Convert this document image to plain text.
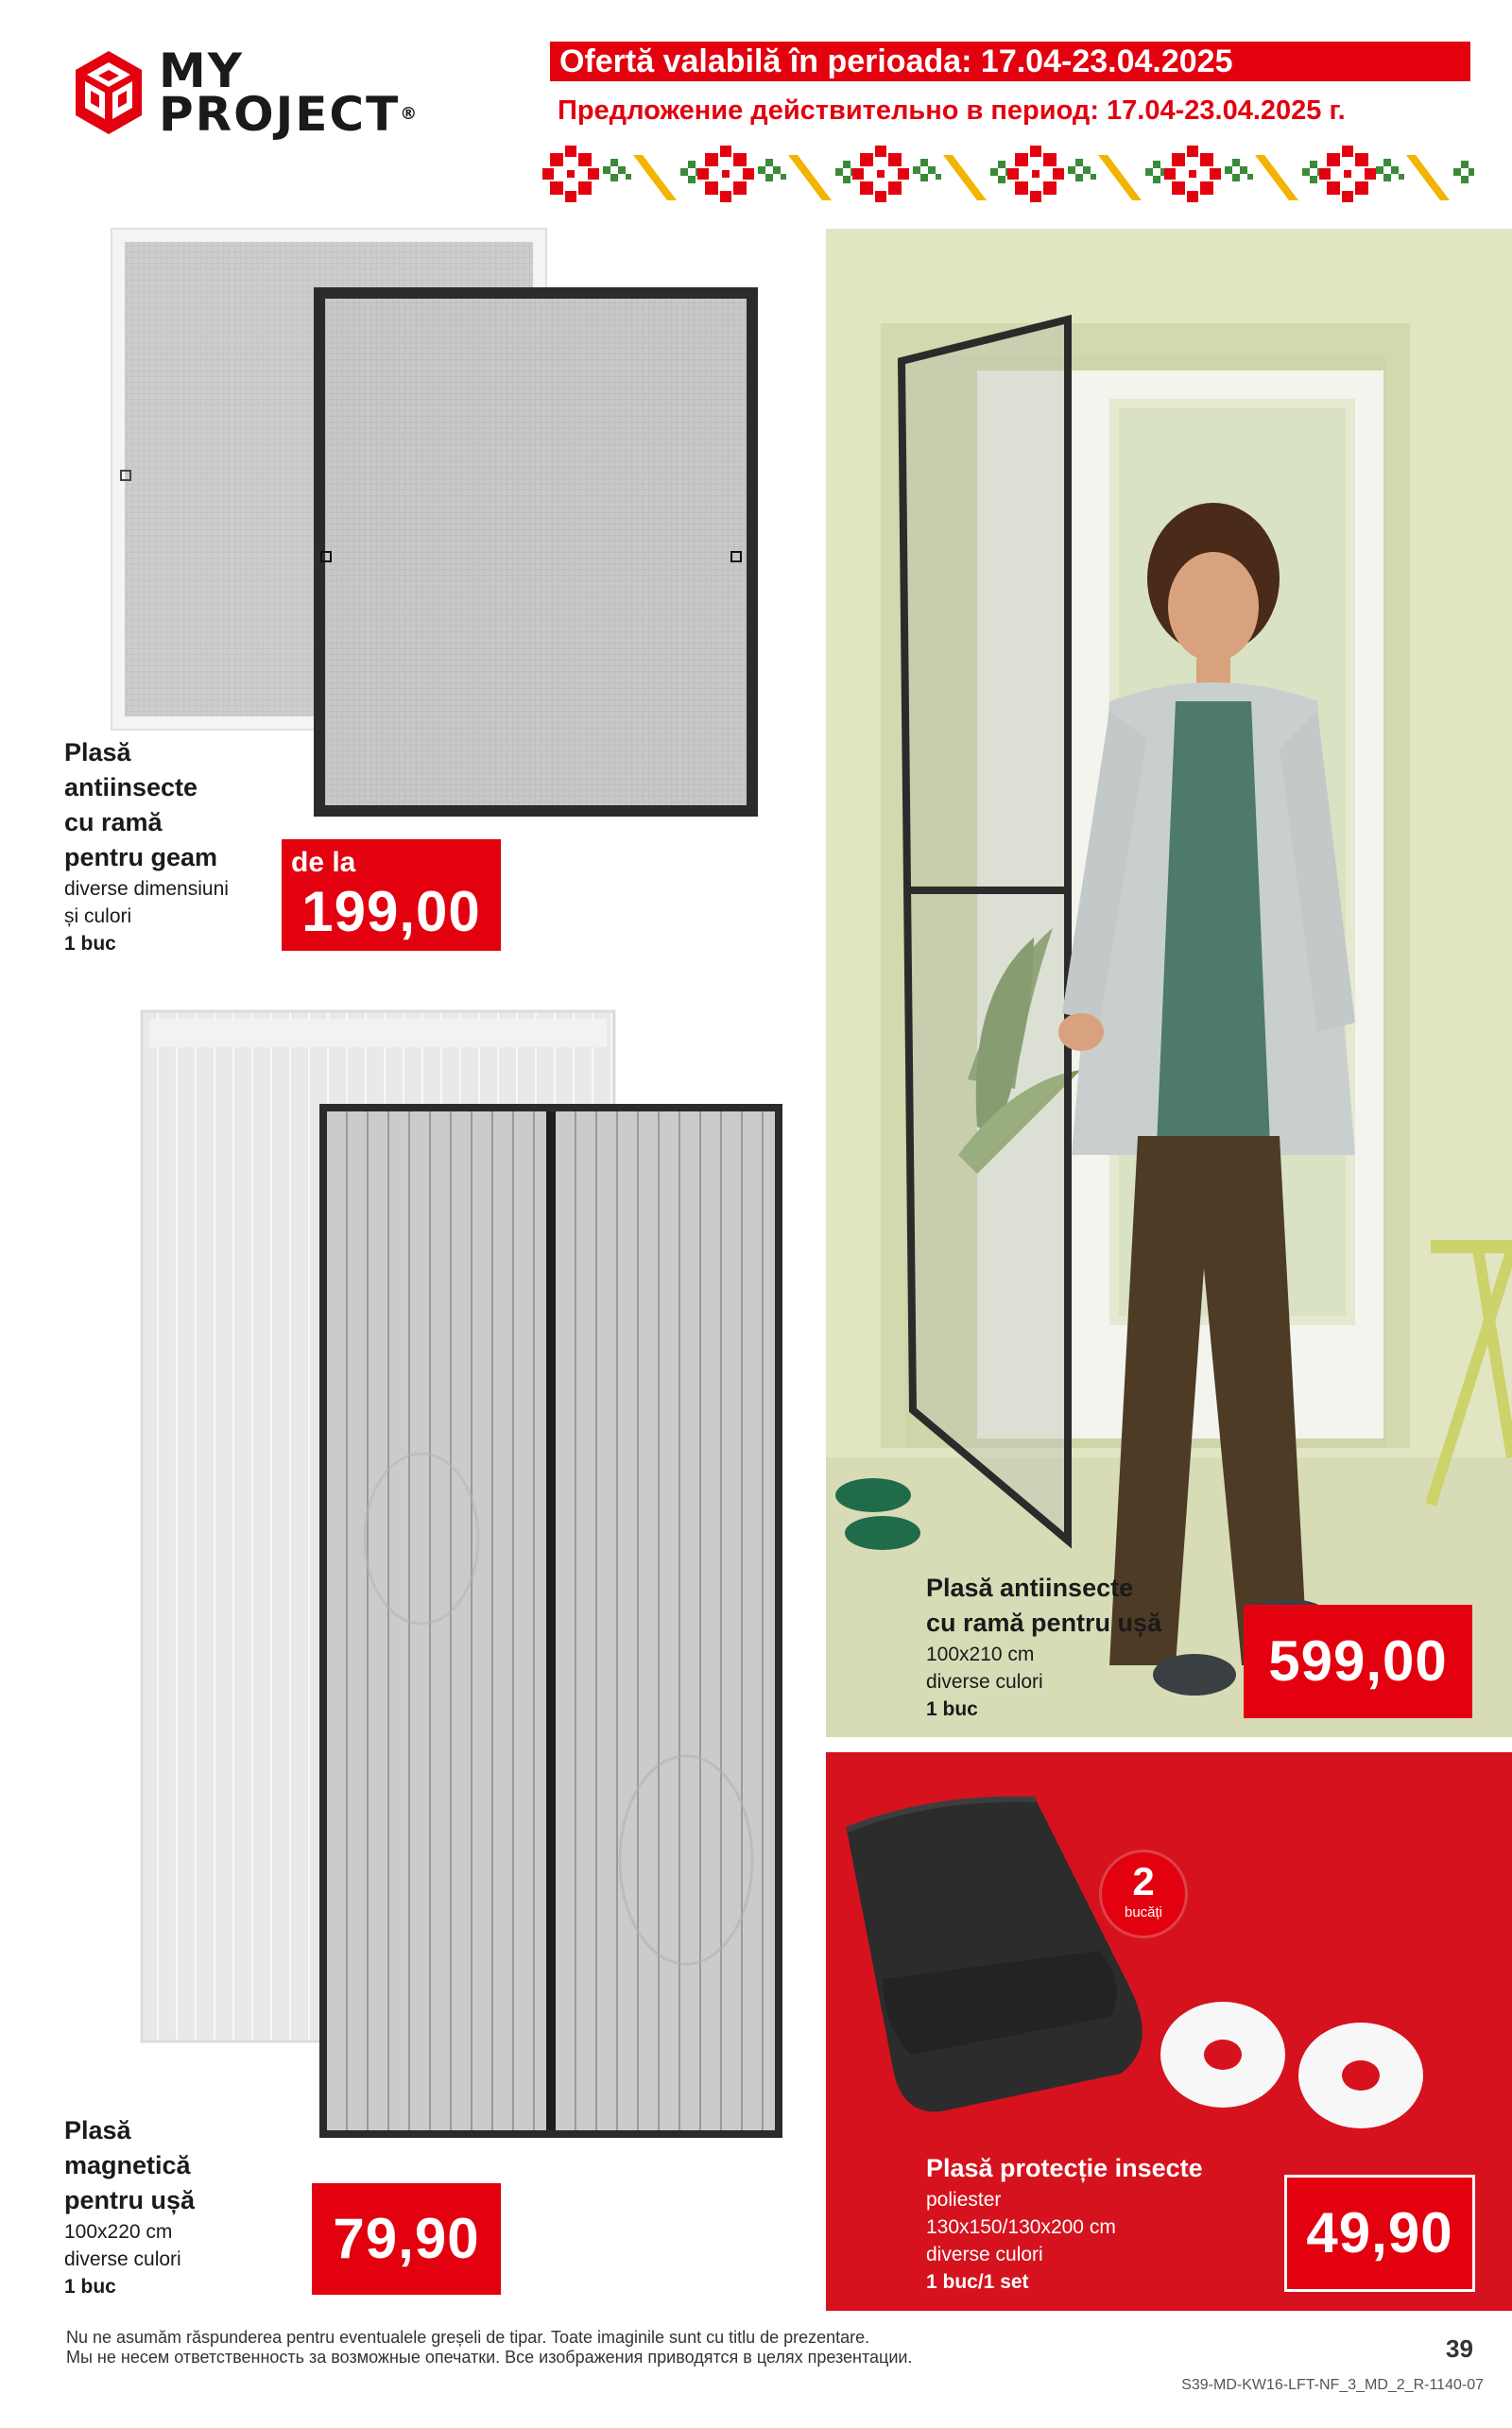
MY
PROJECT®
Ofertă valabilă în perioada: 17.04-23.04.2025
Предложение действительно в период: 17.04-23.04.2025 г.
Plasă
antiinsecte
cu ramă
pentru geam
diverse dimensiuni
și culori
1 buc
de la
199,00
Plasă
magnetică
pentru ușă
100x220 cm
diverse culori
1 buc
79,90
Plasă antiinsecte
cu ramă pentru ușă
100x210 cm
diverse culori
1 buc
599,00
2
bucăți
Plasă protecție insecte
poliester
130x150/130x200 cm
diverse culori
1 buc/1 set
49,90
Nu ne asumăm răspunderea pentru eventualele greșeli de tipar. Toate imaginile sunt cu titlu de prezentare.
Мы не несем ответственность за возможные опечатки. Все изображения приводятся в целях презентации.	39
S39-MD-KW16-LFT-NF_3_MD_2_R-1140-07
